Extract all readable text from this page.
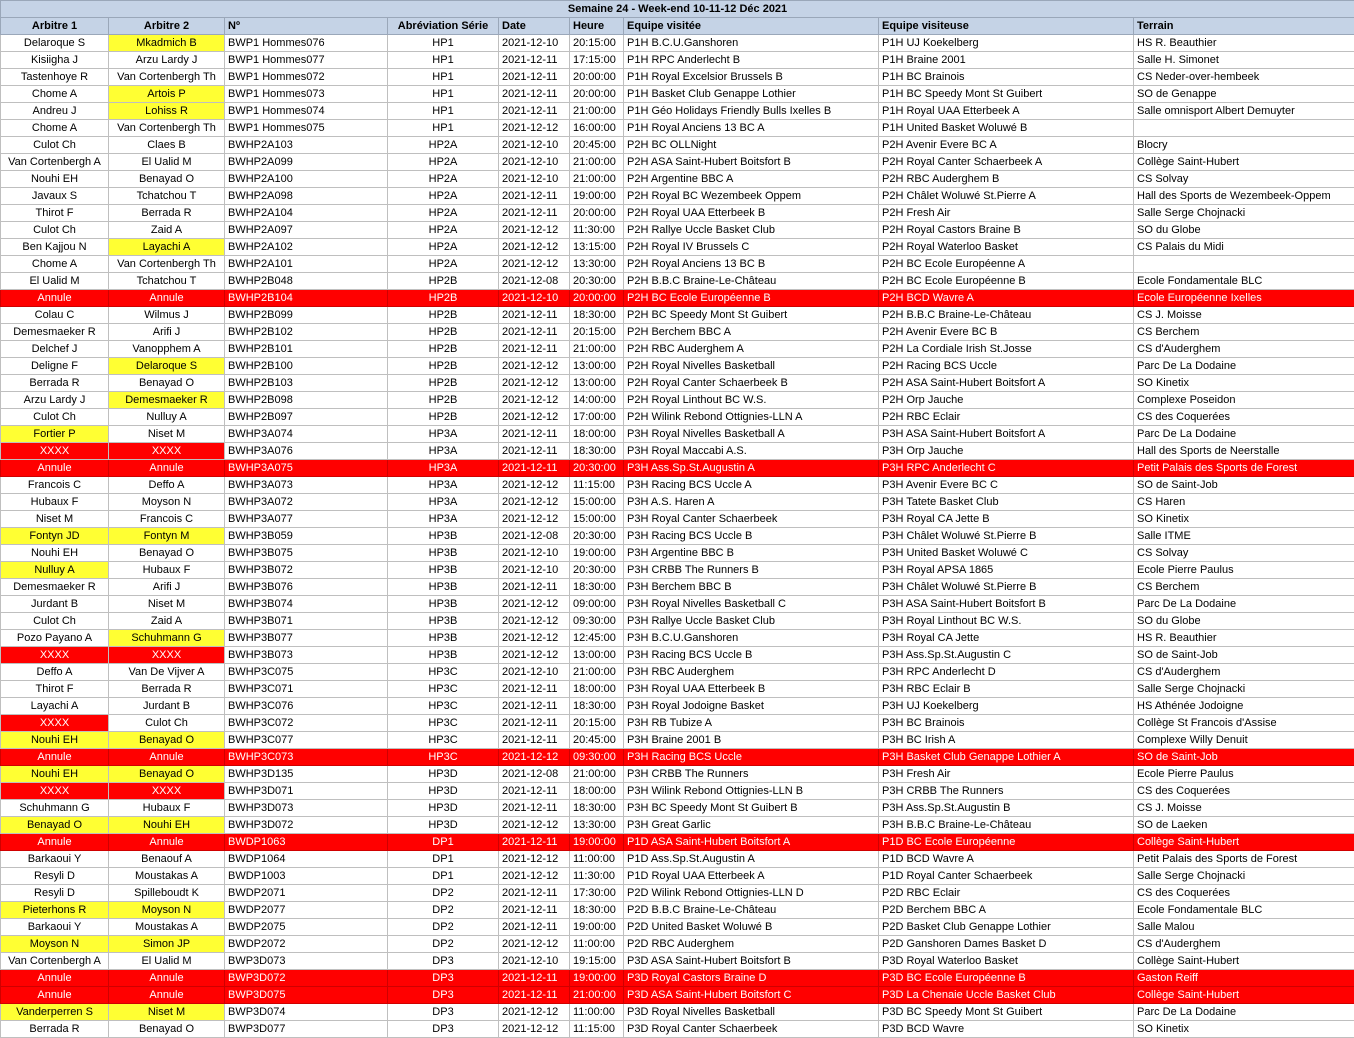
Semaine 24 - Week-end 10-11-12 Déc 2021								
Arbitre 1	Arbitre 2	Nº	Abréviation Série	Date	Heure	Equipe visitée	Equipe visiteuse	Terrain
Delaroque S	Mkadmich B	BWP1 Hommes076	HP1	2021-12-10	20:15:00	P1H B.C.U.Ganshoren	P1H UJ Koekelberg	HS R. Beauthier
Kisiigha J	Arzu Lardy J	BWP1 Hommes077	HP1	2021-12-11	17:15:00	P1H RPC Anderlecht B	P1H Braine 2001	Salle H. Simonet
Tastenhoye R	Van Cortenbergh Th	BWP1 Hommes072	HP1	2021-12-11	20:00:00	P1H Royal Excelsior Brussels B	P1H BC Brainois	CS Neder-over-hembeek
Chome A	Artois P	BWP1 Hommes073	HP1	2021-12-11	20:00:00	P1H Basket Club Genappe Lothier	P1H BC Speedy Mont St Guibert	SO de Genappe
Andreu J	Lohiss R	BWP1 Hommes074	HP1	2021-12-11	21:00:00	P1H Géo Holidays Friendly Bulls Ixelles B	P1H Royal UAA Etterbeek A	Salle omnisport Albert Demuyter
Chome A	Van Cortenbergh Th	BWP1 Hommes075	HP1	2021-12-12	16:00:00	P1H Royal Anciens 13 BC A	P1H United Basket Woluwé B	
Culot Ch	Claes B	BWHP2A103	HP2A	2021-12-10	20:45:00	P2H BC OLLNight	P2H Avenir Evere BC A	Blocry
Van Cortenbergh A	El Ualid M	BWHP2A099	HP2A	2021-12-10	21:00:00	P2H ASA Saint-Hubert Boitsfort B	P2H Royal Canter Schaerbeek A	Collège Saint-Hubert
Nouhi EH	Benayad O	BWHP2A100	HP2A	2021-12-10	21:00:00	P2H Argentine BBC A	P2H RBC Auderghem B	CS Solvay
Javaux S	Tchatchou T	BWHP2A098	HP2A	2021-12-11	19:00:00	P2H Royal BC Wezembeek Oppem	P2H Châlet Woluwé St.Pierre A	Hall des Sports de Wezembeek-Oppem
Thirot F	Berrada R	BWHP2A104	HP2A	2021-12-11	20:00:00	P2H Royal UAA Etterbeek B	P2H Fresh Air	Salle Serge Chojnacki
Culot Ch	Zaid A	BWHP2A097	HP2A	2021-12-12	11:30:00	P2H Rallye Uccle Basket Club	P2H Royal Castors Braine B	SO du Globe
Ben Kajjou N	Layachi A	BWHP2A102	HP2A	2021-12-12	13:15:00	P2H Royal IV Brussels C	P2H Royal Waterloo Basket	CS Palais du Midi
Chome A	Van Cortenbergh Th	BWHP2A101	HP2A	2021-12-12	13:30:00	P2H Royal Anciens 13 BC B	P2H BC Ecole Européenne A	
El Ualid M	Tchatchou T	BWHP2B048	HP2B	2021-12-08	20:30:00	P2H B.B.C Braine-Le-Château	P2H BC Ecole Européenne B	Ecole Fondamentale BLC
Annule	Annule	BWHP2B104	HP2B	2021-12-10	20:00:00	P2H BC Ecole Européenne B	P2H BCD Wavre A	Ecole Européenne Ixelles
Colau C	Wilmus J	BWHP2B099	HP2B	2021-12-11	18:30:00	P2H BC Speedy Mont St Guibert	P2H B.B.C Braine-Le-Château	CS J. Moisse
Demesmaeker R	Arifi J	BWHP2B102	HP2B	2021-12-11	20:15:00	P2H Berchem BBC A	P2H Avenir Evere BC B	CS Berchem
Delchef J	Vanopphem A	BWHP2B101	HP2B	2021-12-11	21:00:00	P2H RBC Auderghem A	P2H La Cordiale Irish St.Josse	CS d'Auderghem
Deligne F	Delaroque S	BWHP2B100	HP2B	2021-12-12	13:00:00	P2H Royal Nivelles Basketball	P2H Racing BCS Uccle	Parc De La Dodaine
Berrada R	Benayad O	BWHP2B103	HP2B	2021-12-12	13:00:00	P2H Royal Canter Schaerbeek B	P2H ASA Saint-Hubert Boitsfort A	SO Kinetix
Arzu Lardy J	Demesmaeker R	BWHP2B098	HP2B	2021-12-12	14:00:00	P2H Royal Linthout BC W.S.	P2H Orp Jauche	Complexe Poseidon
Culot Ch	Nulluy A	BWHP2B097	HP2B	2021-12-12	17:00:00	P2H Wilink Rebond Ottignies-LLN A	P2H RBC Eclair	CS des Coquerées
Fortier P	Niset M	BWHP3A074	HP3A	2021-12-11	18:00:00	P3H Royal Nivelles Basketball A	P3H ASA Saint-Hubert Boitsfort A	Parc De La Dodaine
XXXX	XXXX	BWHP3A076	HP3A	2021-12-11	18:30:00	P3H Royal Maccabi A.S.	P3H Orp Jauche	Hall des Sports de Neerstalle
Annule	Annule	BWHP3A075	HP3A	2021-12-11	20:30:00	P3H Ass.Sp.St.Augustin A	P3H RPC Anderlecht C	Petit Palais des Sports de Forest
Francois C	Deffo A	BWHP3A073	HP3A	2021-12-12	11:15:00	P3H Racing BCS Uccle A	P3H Avenir Evere BC C	SO de Saint-Job
Hubaux F	Moyson N	BWHP3A072	HP3A	2021-12-12	15:00:00	P3H A.S. Haren A	P3H Tatete Basket Club	CS Haren
Niset M	Francois C	BWHP3A077	HP3A	2021-12-12	15:00:00	P3H Royal Canter Schaerbeek	P3H Royal CA Jette B	SO Kinetix
Fontyn JD	Fontyn M	BWHP3B059	HP3B	2021-12-08	20:30:00	P3H Racing BCS Uccle B	P3H Châlet Woluwé St.Pierre B	Salle ITME
Nouhi EH	Benayad O	BWHP3B075	HP3B	2021-12-10	19:00:00	P3H Argentine BBC B	P3H United Basket Woluwé C	CS Solvay
Nulluy A	Hubaux F	BWHP3B072	HP3B	2021-12-10	20:30:00	P3H CRBB The Runners B	P3H Royal APSA 1865	Ecole Pierre Paulus
Demesmaeker R	Arifi J	BWHP3B076	HP3B	2021-12-11	18:30:00	P3H Berchem BBC B	P3H Châlet Woluwé St.Pierre B	CS Berchem
Jurdant B	Niset M	BWHP3B074	HP3B	2021-12-12	09:00:00	P3H Royal Nivelles Basketball C	P3H ASA Saint-Hubert Boitsfort B	Parc De La Dodaine
Culot Ch	Zaid A	BWHP3B071	HP3B	2021-12-12	09:30:00	P3H Rallye Uccle Basket Club	P3H Royal Linthout BC W.S.	SO du Globe
Pozo Payano A	Schuhmann G	BWHP3B077	HP3B	2021-12-12	12:45:00	P3H B.C.U.Ganshoren	P3H Royal CA Jette	HS R. Beauthier
XXXX	XXXX	BWHP3B073	HP3B	2021-12-12	13:00:00	P3H Racing BCS Uccle B	P3H Ass.Sp.St.Augustin C	SO de Saint-Job
Deffo A	Van De Vijver A	BWHP3C075	HP3C	2021-12-10	21:00:00	P3H RBC Auderghem	P3H RPC Anderlecht D	CS d'Auderghem
Thirot F	Berrada R	BWHP3C071	HP3C	2021-12-11	18:00:00	P3H Royal UAA Etterbeek B	P3H RBC Eclair B	Salle Serge Chojnacki
Layachi A	Jurdant B	BWHP3C076	HP3C	2021-12-11	18:30:00	P3H Royal Jodoigne Basket	P3H UJ Koekelberg	HS Athénée Jodoigne
XXXX	Culot Ch	BWHP3C072	HP3C	2021-12-11	20:15:00	P3H RB Tubize A	P3H BC Brainois	Collège St Francois d'Assise
Nouhi EH	Benayad O	BWHP3C077	HP3C	2021-12-11	20:45:00	P3H Braine 2001 B	P3H BC Irish A	Complexe Willy Denuit
Annule	Annule	BWHP3C073	HP3C	2021-12-12	09:30:00	P3H Racing BCS Uccle	P3H Basket Club Genappe Lothier A	SO de Saint-Job
Nouhi EH	Benayad O	BWHP3D135	HP3D	2021-12-08	21:00:00	P3H CRBB The Runners	P3H Fresh Air	Ecole Pierre Paulus
XXXX	XXXX	BWHP3D071	HP3D	2021-12-11	18:00:00	P3H Wilink Rebond Ottignies-LLN B	P3H CRBB The Runners	CS des Coquerées
Schuhmann G	Hubaux F	BWHP3D073	HP3D	2021-12-11	18:30:00	P3H BC Speedy Mont St Guibert B	P3H Ass.Sp.St.Augustin B	CS J. Moisse
Benayad O	Nouhi EH	BWHP3D072	HP3D	2021-12-12	13:30:00	P3H Great Garlic	P3H B.B.C Braine-Le-Château	SO de Laeken
Annule	Annule	BWDP1063	DP1	2021-12-11	19:00:00	P1D ASA Saint-Hubert Boitsfort A	P1D BC Ecole Européenne	Collège Saint-Hubert
Barkaoui Y	Benaouf A	BWDP1064	DP1	2021-12-12	11:00:00	P1D Ass.Sp.St.Augustin A	P1D BCD Wavre A	Petit Palais des Sports de Forest
Resyli D	Moustakas A	BWDP1003	DP1	2021-12-12	11:30:00	P1D Royal UAA Etterbeek A	P1D Royal Canter Schaerbeek	Salle Serge Chojnacki
Resyli D	Spilleboudt K	BWDP2071	DP2	2021-12-11	17:30:00	P2D Wilink Rebond Ottignies-LLN D	P2D RBC Eclair	CS des Coquerées
Pieterhons R	Moyson N	BWDP2077	DP2	2021-12-11	18:30:00	P2D B.B.C Braine-Le-Château	P2D Berchem BBC A	Ecole Fondamentale BLC
Barkaoui Y	Moustakas A	BWDP2075	DP2	2021-12-11	19:00:00	P2D United Basket Woluwé B	P2D Basket Club Genappe Lothier	Salle Malou
Moyson N	Simon JP	BWDP2072	DP2	2021-12-12	11:00:00	P2D RBC Auderghem	P2D Ganshoren Dames Basket D	CS d'Auderghem
Van Cortenbergh A	El Ualid M	BWP3D073	DP3	2021-12-10	19:15:00	P3D ASA Saint-Hubert Boitsfort B	P3D Royal Waterloo Basket	Collège Saint-Hubert
Annule	Annule	BWP3D072	DP3	2021-12-11	19:00:00	P3D Royal Castors Braine D	P3D BC Ecole Européenne B	Gaston Reiff
Annule	Annule	BWP3D075	DP3	2021-12-11	21:00:00	P3D ASA Saint-Hubert Boitsfort C	P3D La Chenaie Uccle Basket Club	Collège Saint-Hubert
Vanderperren S	Niset M	BWP3D074	DP3	2021-12-12	11:00:00	P3D Royal Nivelles Basketball	P3D BC Speedy Mont St Guibert	Parc De La Dodaine
Berrada R	Benayad O	BWP3D077	DP3	2021-12-12	11:15:00	P3D Royal Canter Schaerbeek	P3D BCD Wavre	SO Kinetix
